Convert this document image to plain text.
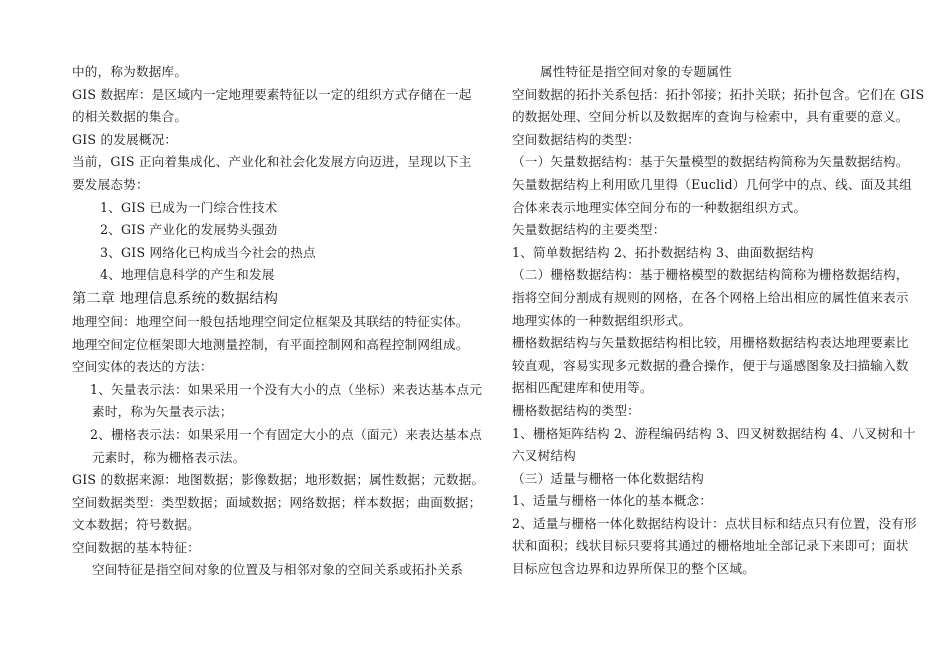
中的，称为数据库。
GIS 数据库：是区域内一定地理要素特征以一定的组织方式存储在一起
的相关数据的集合。
GIS 的发展概况：
当前，GIS 正向着集成化、产业化和社会化发展方向迈进，呈现以下主
要发展态势：
1、GIS 已成为一门综合性技术
2、GIS 产业化的发展势头强劲
3、GIS 网络化已构成当今社会的热点
4、地理信息科学的产生和发展
第二章 地理信息系统的数据结构
地理空间：地理空间一般包括地理空间定位框架及其联结的特征实体。
地理空间定位框架即大地测量控制，有平面控制网和高程控制网组成。
空间实体的表达的方法：
1、矢量表示法：如果采用一个没有大小的点（坐标）来表达基本点元
素时，称为矢量表示法；
2、栅格表示法：如果采用一个有固定大小的点（面元）来表达基本点
元素时，称为栅格表示法。
GIS 的数据来源：地图数据；影像数据；地形数据；属性数据；元数据。
空间数据类型：类型数据；面域数据；网络数据；样本数据；曲面数据；
文本数据；符号数据。
空间数据的基本特征：
空间特征是指空间对象的位置及与相邻对象的空间关系或拓扑关系
属性特征是指空间对象的专题属性
空间数据的拓扑关系包括：拓扑邻接；拓扑关联；拓扑包含。它们在 GIS
的数据处理、空间分析以及数据库的查询与检索中，具有重要的意义。
空间数据结构的类型：
（一）矢量数据结构：基于矢量模型的数据结构简称为矢量数据结构。
矢量数据结构上利用欧几里得（Euclid）几何学中的点、线、面及其组
合体来表示地理实体空间分布的一种数据组织方式。
矢量数据结构的主要类型：
1、简单数据结构 2、拓扑数据结构 3、曲面数据结构
（二）栅格数据结构：基于栅格模型的数据结构简称为栅格数据结构，
指将空间分割成有规则的网格，在各个网格上给出相应的属性值来表示
地理实体的一种数据组织形式。
栅格数据结构与矢量数据结构相比较，用栅格数据结构表达地理要素比
较直观，容易实现多元数据的叠合操作，便于与遥感图象及扫描输入数
据相匹配建库和使用等。
栅格数据结构的类型：
1、栅格矩阵结构 2、游程编码结构 3、四叉树数据结构 4、八叉树和十
六叉树结构
（三）适量与栅格一体化数据结构
1、适量与栅格一体化的基本概念：
2、适量与栅格一体化数据结构设计：点状目标和结点只有位置，没有形
状和面积；线状目标只要将其通过的栅格地址全部记录下来即可；面状
目标应包含边界和边界所保卫的整个区域。
